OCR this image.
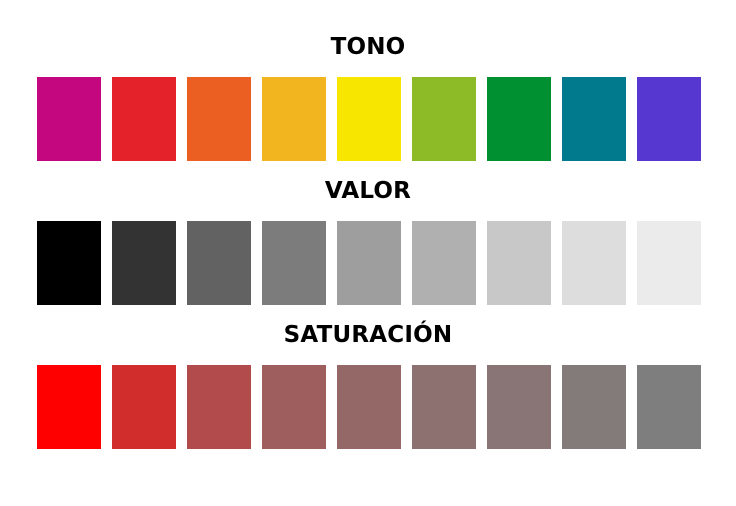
TONO
VALOR
SATURACIÓN
